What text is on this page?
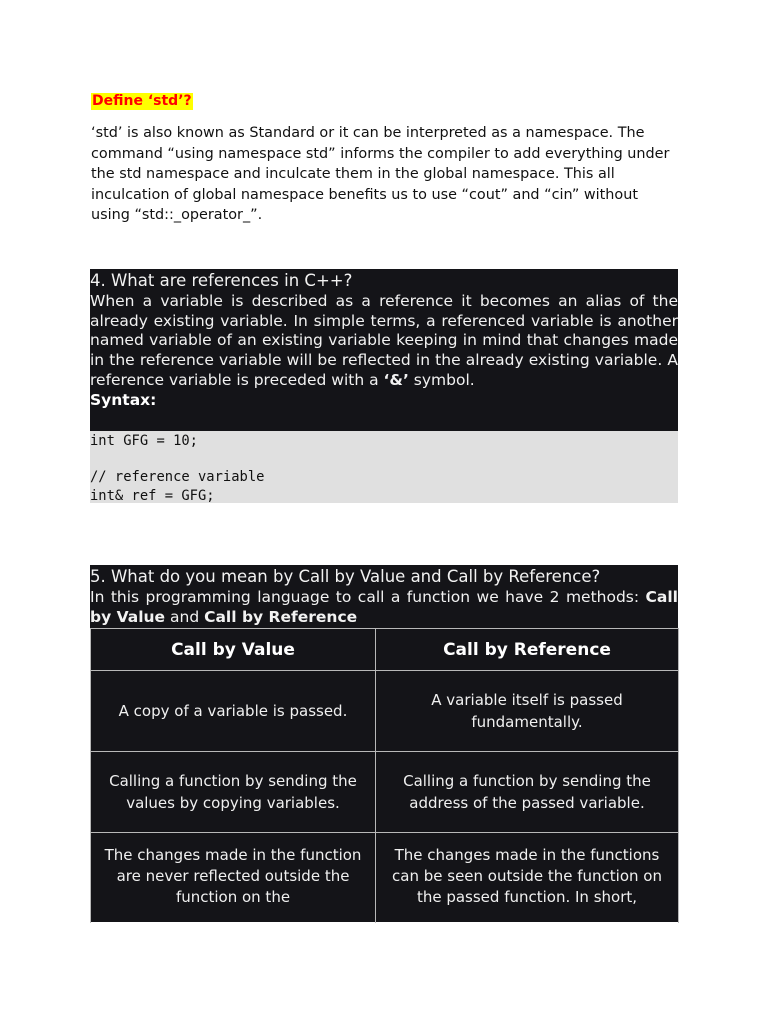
Define ‘std’?
‘std’ is also known as Standard or it can be interpreted as a namespace. The command “using namespace std” informs the compiler to add everything under the std namespace and inculcate them in the global namespace. This all inculcation of global namespace benefits us to use “cout” and “cin” without using “std::_operator_”.
4. What are references in C++?
When a variable is described as a reference it becomes an alias of the already existing variable. In simple terms, a referenced variable is another named variable of an existing variable keeping in mind that changes made in the reference variable will be reflected in the already existing variable. A reference variable is preceded with a ‘&’ symbol.
Syntax:
int GFG = 10;
// reference variable
int& ref = GFG;
5. What do you mean by Call by Value and Call by Reference?
In this programming language to call a function we have 2 methods: Call by Value and Call by Reference
Call by Value	Call by Reference
A copy of a variable is passed.	A variable itself is passed fundamentally.
Calling a function by sending the values by copying variables.	Calling a function by sending the address of the passed variable.
The changes made in the function are never reflected outside the function on the	The changes made in the functions can be seen outside the function on the passed function. In short,
